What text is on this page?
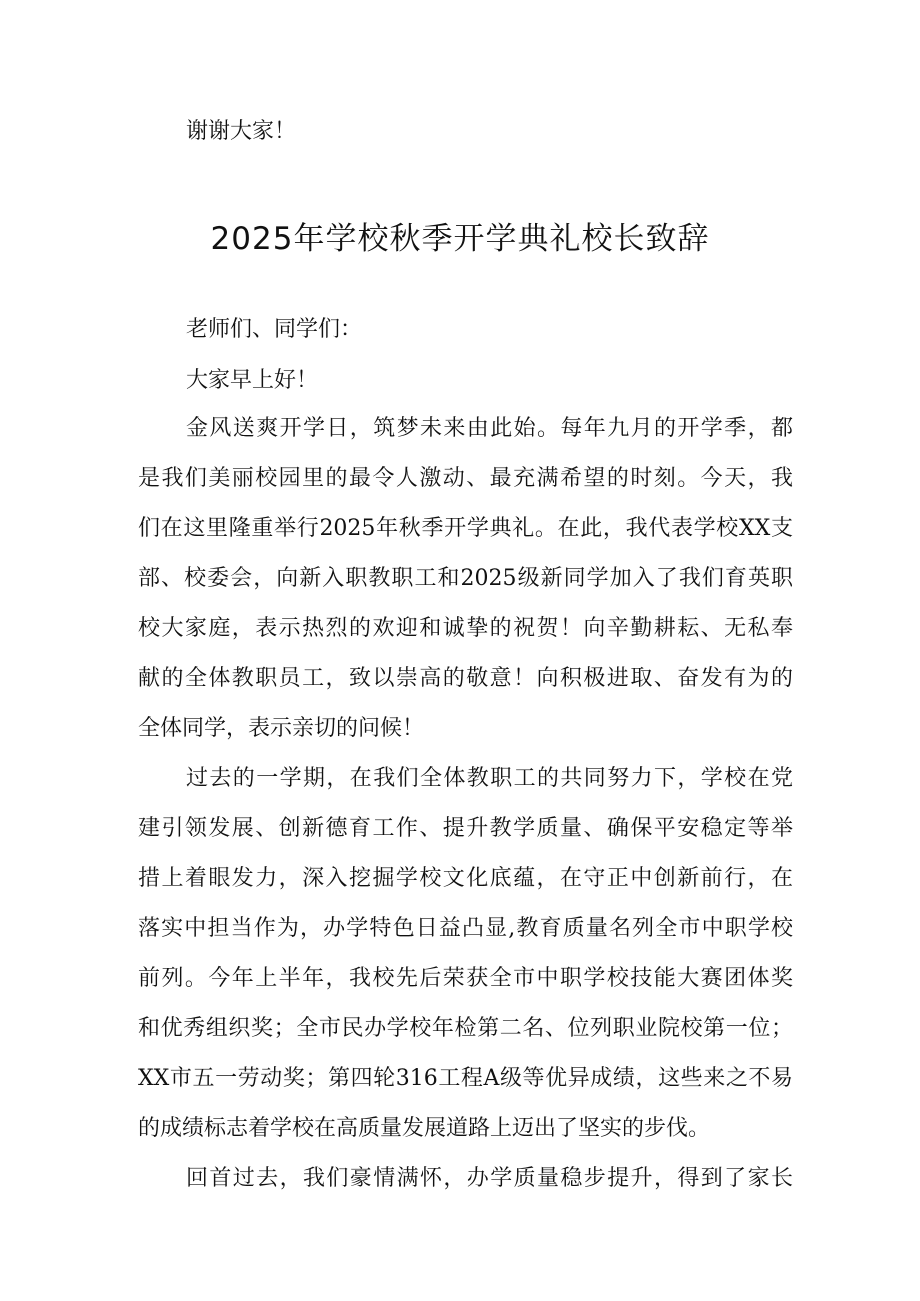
谢谢大家！
2025年学校秋季开学典礼校长致辞
老师们、同学们：
大家早上好！
金风送爽开学日，筑梦未来由此始。每年九月的开学季，都
是我们美丽校园里的最令人激动、最充满希望的时刻。今天，我
们在这里隆重举行2025年秋季开学典礼。在此，我代表学校XX支
部、校委会，向新入职教职工和2025级新同学加入了我们育英职
校大家庭，表示热烈的欢迎和诚挚的祝贺！向辛勤耕耘、无私奉
献的全体教职员工，致以崇高的敬意！向积极进取、奋发有为的
全体同学，表示亲切的问候！
过去的一学期，在我们全体教职工的共同努力下，学校在党
建引领发展、创新德育工作、提升教学质量、确保平安稳定等举
措上着眼发力，深入挖掘学校文化底蕴，在守正中创新前行，在
落实中担当作为，办学特色日益凸显,教育质量名列全市中职学校
前列。今年上半年，我校先后荣获全市中职学校技能大赛团体奖
和优秀组织奖；全市民办学校年检第二名、位列职业院校第一位；
XX市五一劳动奖；第四轮316工程A级等优异成绩，这些来之不易
的成绩标志着学校在高质量发展道路上迈出了坚实的步伐。
回首过去，我们豪情满怀，办学质量稳步提升，得到了家长
